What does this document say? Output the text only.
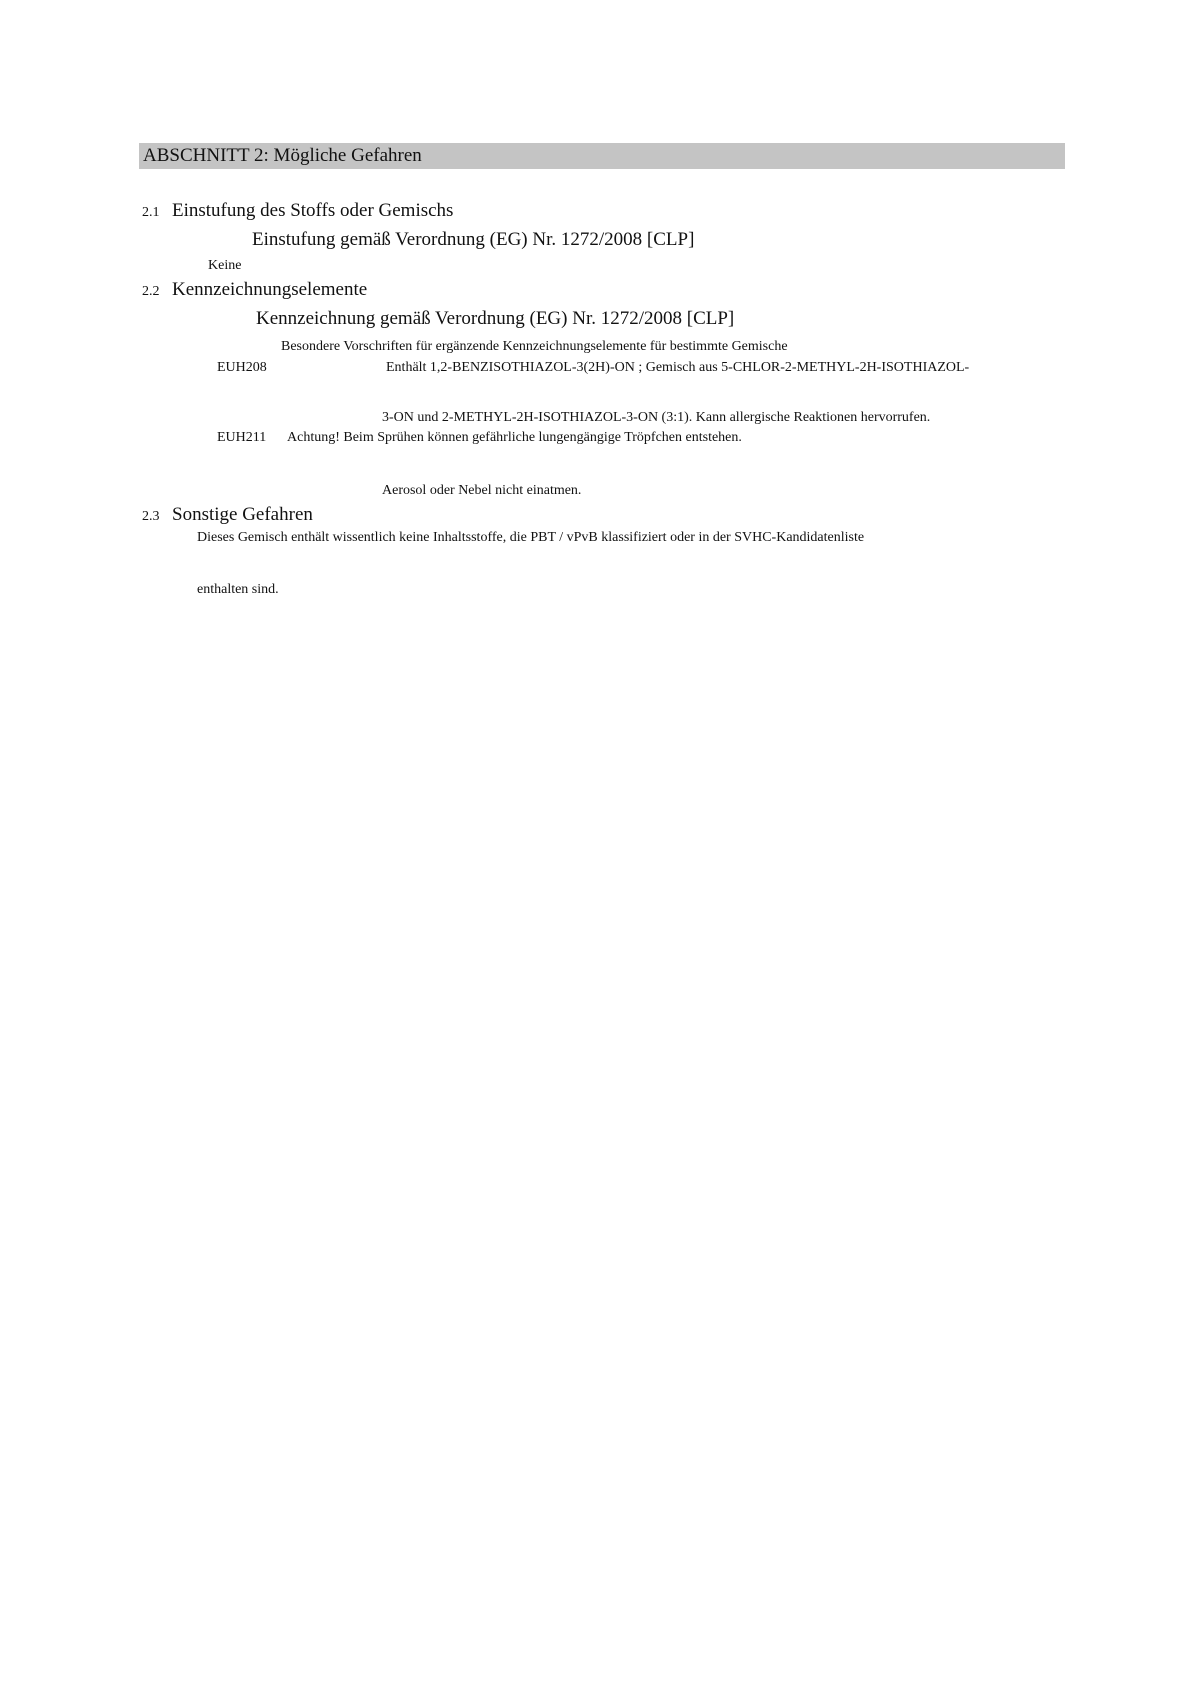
ABSCHNITT 2: Mögliche Gefahren
2.1 Einstufung des Stoffs oder Gemischs
Einstufung gemäß Verordnung (EG) Nr. 1272/2008 [CLP]
Keine
2.2 Kennzeichnungselemente
Kennzeichnung gemäß Verordnung (EG) Nr. 1272/2008 [CLP]
Besondere Vorschriften für ergänzende Kennzeichnungselemente für bestimmte Gemische
EUH208	Enthält 1,2-BENZISOTHIAZOL-3(2H)-ON ; Gemisch aus 5-CHLOR-2-METHYL-2H-ISOTHIAZOL-
3-ON und 2-METHYL-2H-ISOTHIAZOL-3-ON (3:1). Kann allergische Reaktionen hervorrufen.
EUH211 Achtung! Beim Sprühen können gefährliche lungengängige Tröpfchen entstehen.
Aerosol oder Nebel nicht einatmen.
2.3 Sonstige Gefahren
Dieses Gemisch enthält wissentlich keine Inhaltsstoffe, die PBT / vPvB klassifiziert oder in der SVHC-Kandidatenliste
enthalten sind.
